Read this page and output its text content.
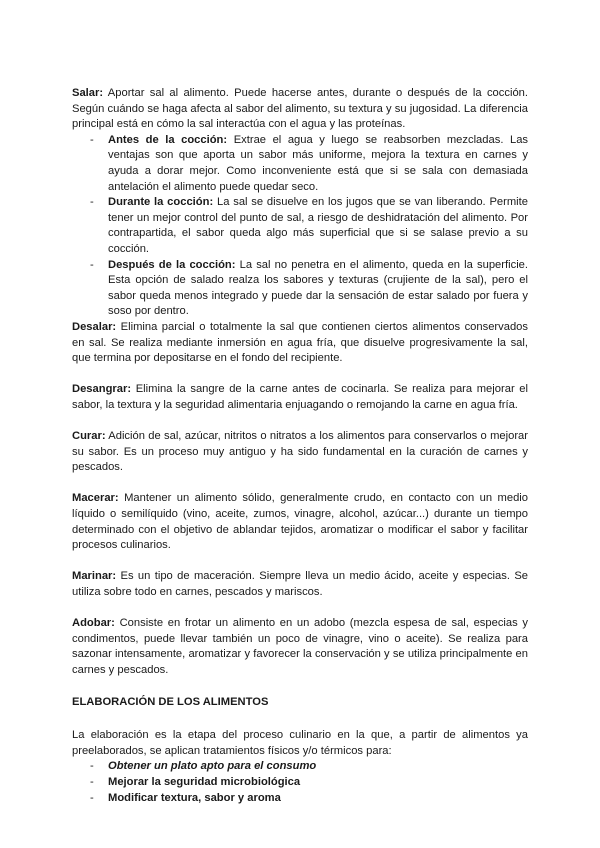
Salar: Aportar sal al alimento. Puede hacerse antes, durante o después de la cocción. Según cuándo se haga afecta al sabor del alimento, su textura y su jugosidad. La diferencia principal está en cómo la sal interactúa con el agua y las proteínas.

- Antes de la cocción: Extrae el agua y luego se reabsorben mezcladas. Las ventajas son que aporta un sabor más uniforme, mejora la textura en carnes y ayuda a dorar mejor. Como inconveniente está que si se sala con demasiada antelación el alimento puede quedar seco.
- Durante la cocción: La sal se disuelve en los jugos que se van liberando. Permite tener un mejor control del punto de sal, a riesgo de deshidratación del alimento. Por contrapartida, el sabor queda algo más superficial que si se salase previo a su cocción.
- Después de la cocción: La sal no penetra en el alimento, queda en la superficie. Esta opción de salado realza los sabores y texturas (crujiente de la sal), pero el sabor queda menos integrado y puede dar la sensación de estar salado por fuera y soso por dentro.

Desalar: Elimina parcial o totalmente la sal que contienen ciertos alimentos conservados en sal. Se realiza mediante inmersión en agua fría, que disuelve progresivamente la sal, que termina por depositarse en el fondo del recipiente.

Desangrar: Elimina la sangre de la carne antes de cocinarla. Se realiza para mejorar el sabor, la textura y la seguridad alimentaria enjuagando o remojando la carne en agua fría.

Curar: Adición de sal, azúcar, nitritos o nitratos a los alimentos para conservarlos o mejorar su sabor. Es un proceso muy antiguo y ha sido fundamental en la curación de carnes y pescados.

Macerar: Mantener un alimento sólido, generalmente crudo, en contacto con un medio líquido o semilíquido (vino, aceite, zumos, vinagre, alcohol, azúcar...) durante un tiempo determinado con el objetivo de ablandar tejidos, aromatizar o modificar el sabor y facilitar procesos culinarios.

Marinar: Es un tipo de maceración. Siempre lleva un medio ácido, aceite y especias. Se utiliza sobre todo en carnes, pescados y mariscos.

Adobar: Consiste en frotar un alimento en un adobo (mezcla espesa de sal, especias y condimentos, puede llevar también un poco de vinagre, vino o aceite). Se realiza para sazonar intensamente, aromatizar y favorecer la conservación y se utiliza principalmente en carnes y pescados.

ELABORACIÓN DE LOS ALIMENTOS

La elaboración es la etapa del proceso culinario en la que, a partir de alimentos ya preelaborados, se aplican tratamientos físicos y/o térmicos para:

- Obtener un plato apto para el consumo
- Mejorar la seguridad microbiológica
- Modificar textura, sabor y aroma
